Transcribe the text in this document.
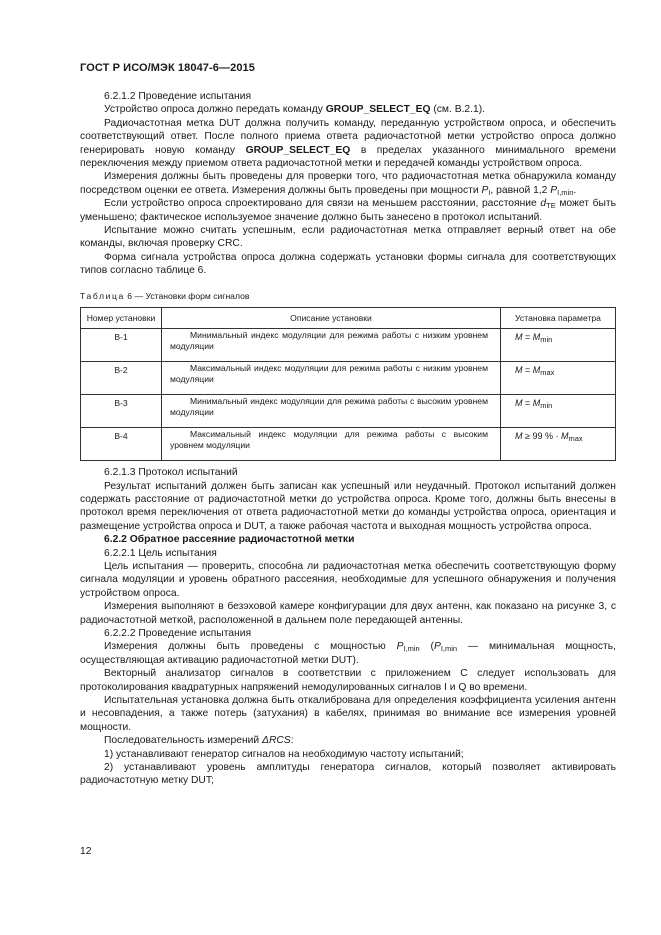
ГОСТ Р ИСО/МЭК 18047-6—2015

6.2.1.2 Проведение испытания

Устройство опроса должно передать команду GROUP_SELECT_EQ (см. В.2.1).

Радиочастотная метка DUT должна получить команду, переданную устройством опроса, и обеспечить соответствующий ответ. После полного приема ответа радиочастотной метки устройство опроса должно генерировать новую команду GROUP_SELECT_EQ в пределах указанного минимального времени переключения между приемом ответа радиочастотной метки и передачей команды устройством опроса.

Измерения должны быть проведены для проверки того, что радиочастотная метка обнаружила команду посредством оценки ее ответа. Измерения должны быть проведены при мощности $P_I$, равной 1,2 $P_{I,min}$.

Если устройство опроса спроектировано для связи на меньшем расстоянии, расстояние $d_{TE}$ может быть уменьшено; фактическое используемое значение должно быть занесено в протокол испытаний.

Испытание можно считать успешным, если радиочастотная метка отправляет верный ответ на обе команды, включая проверку CRC.

Форма сигнала устройства опроса должна содержать установки формы сигнала для соответствующих типов согласно таблице 6.

Таблица 6 — Установки форм сигналов
Номер установки	Описание установки	Установка параметра
В-1	Минимальный индекс модуляции для режима работы с низким уровнем модуляции	$M = M_{min}$
В-2	Максимальный индекс модуляции для режима работы с низким уровнем модуляции	$M = M_{max}$
В-3	Минимальный индекс модуляции для режима работы с высоким уровнем модуляции	$M = M_{min}$
В-4	Максимальный индекс модуляции для режима работы с высоким уровнем модуляции	M ≥ 99 % · $M_{max}$

6.2.1.3 Протокол испытаний

Результат испытаний должен быть записан как успешный или неудачный. Протокол испытаний должен содержать расстояние от радиочастотной метки до устройства опроса. Кроме того, должны быть внесены в протокол время переключения от ответа радиочастотной метки до команды устройства опроса, ориентация и размещение устройства опроса и DUT, а также рабочая частота и выходная мощность устройства опроса.

6.2.2 Обратное рассеяние радиочастотной метки

6.2.2.1 Цель испытания

Цель испытания — проверить, способна ли радиочастотная метка обеспечить соответствующую форму сигнала модуляции и уровень обратного рассеяния, необходимые для успешного обнаружения и получения устройством опроса.

Измерения выполняют в безэховой камере конфигурации для двух антенн, как показано на рисунке 3, с радиочастотной меткой, расположенной в дальнем поле передающей антенны.

6.2.2.2 Проведение испытания

Измерения должны быть проведены с мощностью $P_{I,min}$ ($P_{I,min}$ — минимальная мощность, осуществляющая активацию радиочастотной метки DUT).

Векторный анализатор сигналов в соответствии с приложением С следует использовать для протоколирования квадратурных напряжений немодулированных сигналов I и Q во времени.

Испытательная установка должна быть откалибрована для определения коэффициента усиления антенн и несовпадения, а также потерь (затухания) в кабелях, принимая во внимание все измерения уровней мощности.

Последовательность измерений ΔRCS:

1) устанавливают генератор сигналов на необходимую частоту испытаний;

2) устанавливают уровень амплитуды генератора сигналов, который позволяет активировать радиочастотную метку DUT;

12
